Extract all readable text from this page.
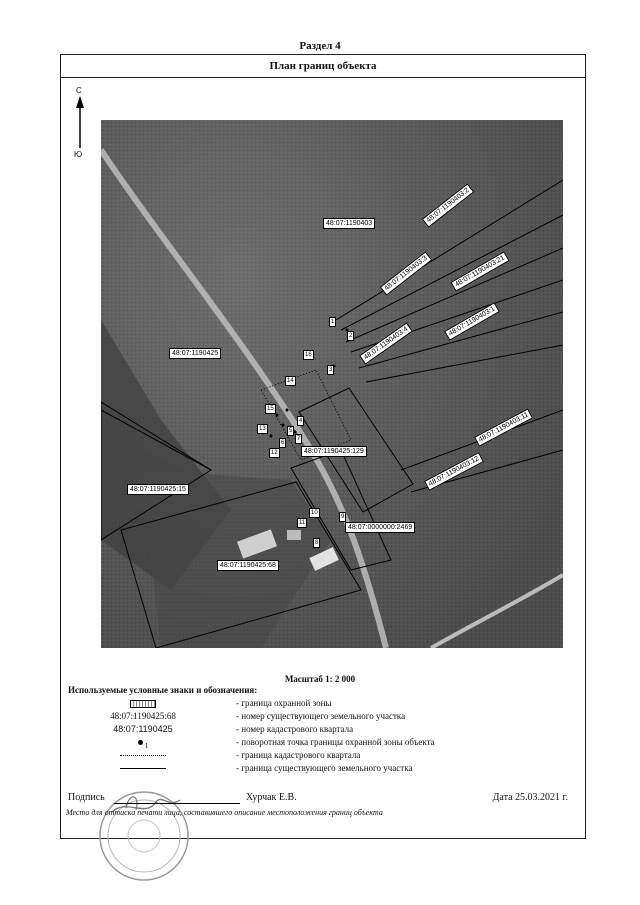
Раздел 4
План границ объекта
С
Ю
48:07:1190403
48:07:1190425
48:07:0000000:2469
48:07:1190403:2
48:07:1190403:3	48:07:1190403:21
48:07:1190403:1
48:07:1190403:4
48:07:1190403:11
48:07:1190403:12
48:07:1190425:129
48:07:1190425:15
48:07:1190425:68
1
2
3
4
5
6
7
8
9
10
11
12
13
14
15
16
Масштаб 1: 2 000
Используемые условные знаки и обозначения:
- граница охранной зоны
48:07:1190425:68	- номер существующего земельного участка
48:07:1190425	- номер кадастрового квартала
$_1$	- поворотная точка границы охранной зоны объекта
- граница кадастрового квартала
- граница существующего земельного участка
Подпись	Хурчак Е.В.	Дата 25.03.2021 г.
Место для оттиска печати лица, составившего описание местоположения границ объекта
